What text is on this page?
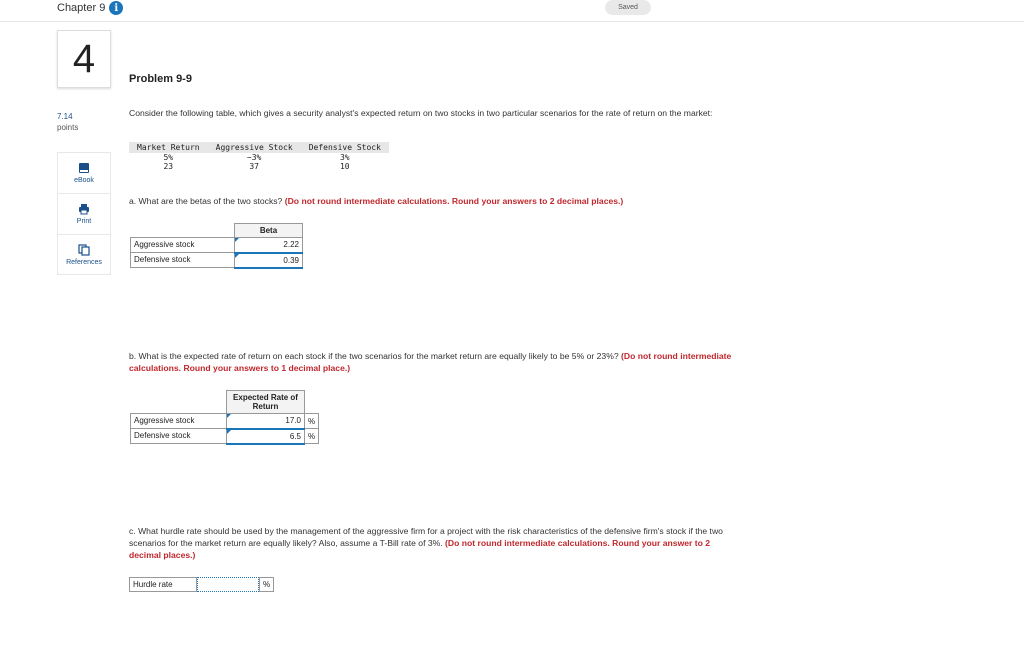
Chapter 9 i	Saved
4
7.14
points
eBook
Print
References
Problem 9-9
Consider the following table, which gives a security analyst's expected return on two stocks in two particular scenarios for the rate of return on the market:
Market Return	Aggressive Stock	Defensive Stock
5%	−3%	3%
23	37	10
a. What are the betas of the two stocks? (Do not round intermediate calculations. Round your answers to 2 decimal places.)
	Beta
Aggressive stock	2.22
Defensive stock	0.39
b. What is the expected rate of return on each stock if the two scenarios for the market return are equally likely to be 5% or 23%? (Do not round intermediate calculations. Round your answers to 1 decimal place.)
	Expected Rate of Return	
Aggressive stock	17.0	%
Defensive stock	6.5	%
c. What hurdle rate should be used by the management of the aggressive firm for a project with the risk characteristics of the defensive firm's stock if the two scenarios for the market return are equally likely? Also, assume a T-Bill rate of 3%. (Do not round intermediate calculations. Round your answer to 2 decimal places.)
Hurdle rate	%
